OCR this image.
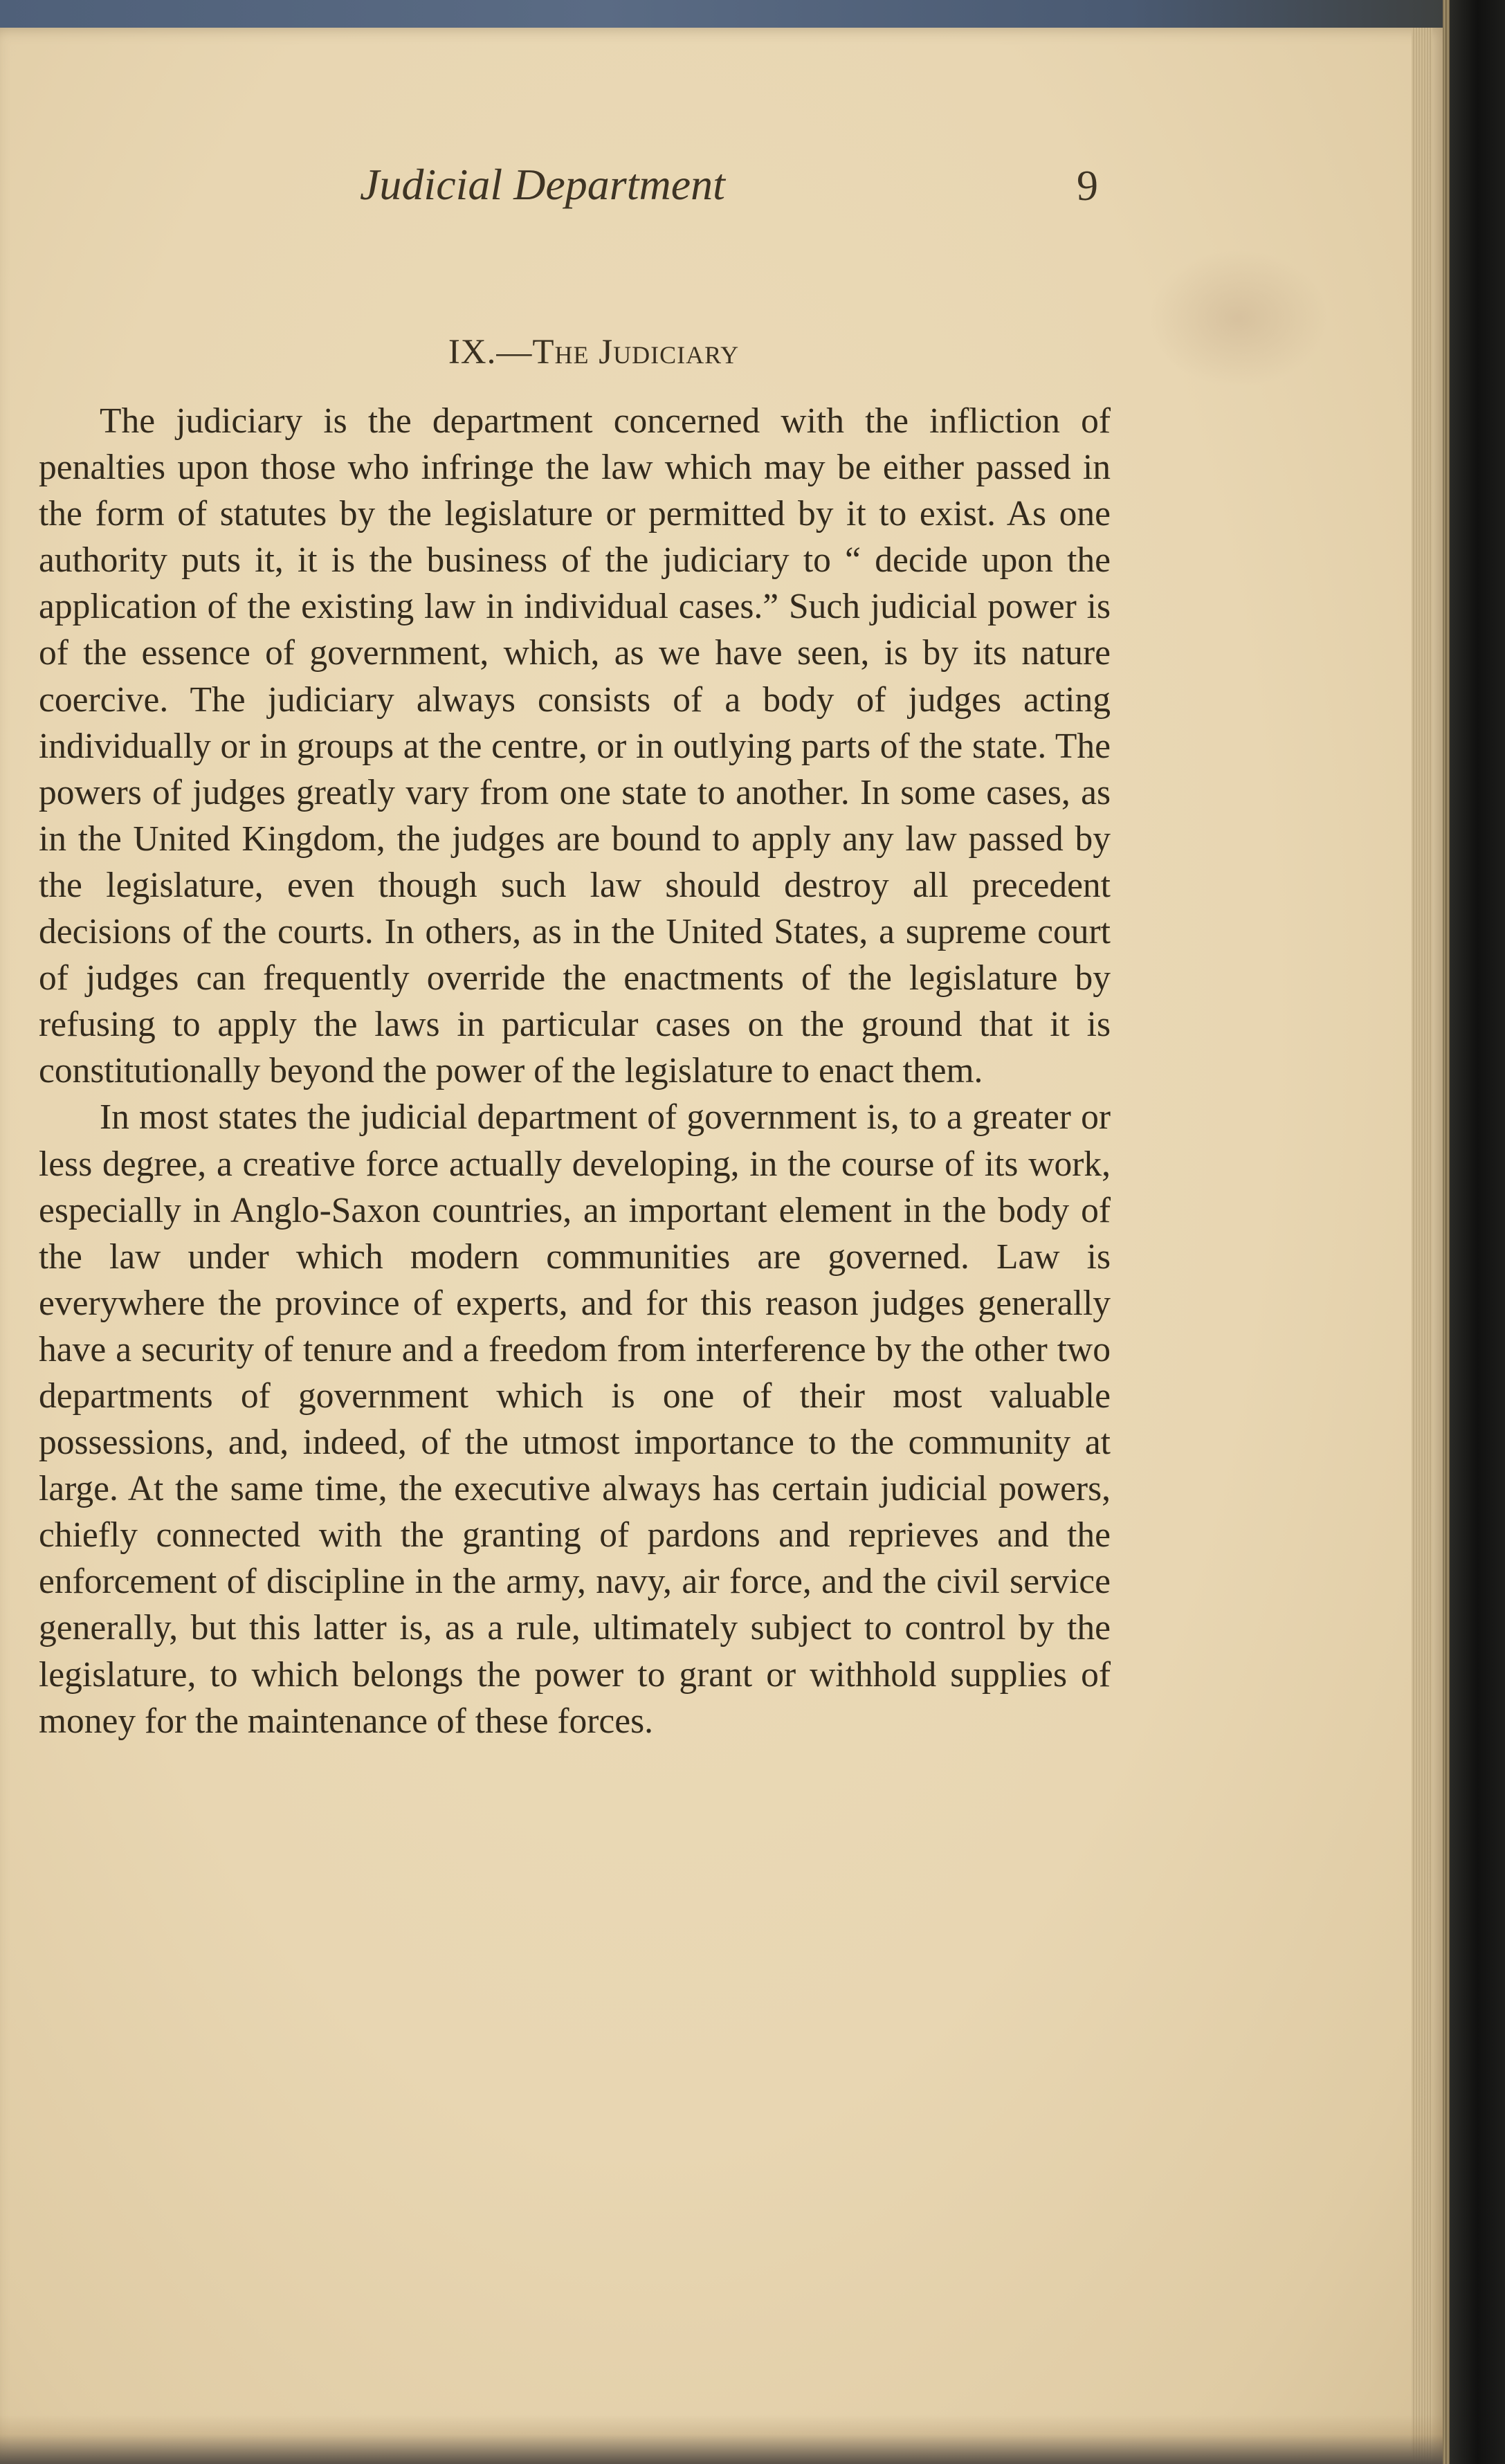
Judicial Department	9
IX.—The Judiciary

The judiciary is the department concerned with the infliction of penalties upon those who infringe the law which may be either passed in the form of statutes by the legislature or permitted by it to exist. As one authority puts it, it is the business of the judiciary to “ decide upon the application of the existing law in individual cases.” Such judicial power is of the essence of government, which, as we have seen, is by its nature coercive. The judiciary always consists of a body of judges acting individually or in groups at the centre, or in outlying parts of the state. The powers of judges greatly vary from one state to another. In some cases, as in the United Kingdom, the judges are bound to apply any law passed by the legislature, even though such law should destroy all precedent decisions of the courts. In others, as in the United States, a supreme court of judges can frequently override the enactments of the legislature by refusing to apply the laws in particular cases on the ground that it is constitutionally beyond the power of the legislature to enact them.

In most states the judicial department of government is, to a greater or less degree, a creative force actually developing, in the course of its work, especially in Anglo-Saxon countries, an important element in the body of the law under which modern communities are governed. Law is everywhere the province of experts, and for this reason judges generally have a security of tenure and a freedom from interference by the other two departments of government which is one of their most valuable possessions, and, indeed, of the utmost importance to the community at large. At the same time, the executive always has certain judicial powers, chiefly connected with the granting of pardons and reprieves and the enforcement of discipline in the army, navy, air force, and the civil service generally, but this latter is, as a rule, ultimately subject to control by the legislature, to which belongs the power to grant or withhold supplies of money for the maintenance of these forces.
